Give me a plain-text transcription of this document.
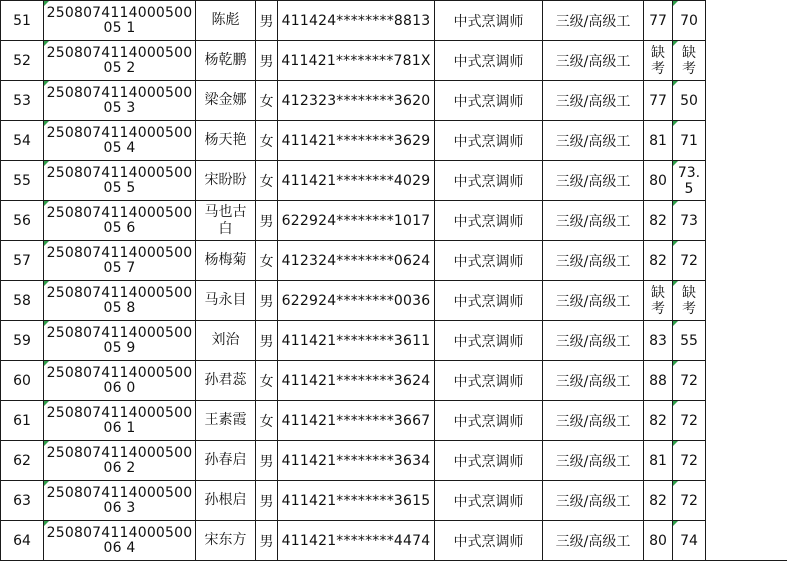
51	250807411400050005 1	陈彪	男	411424********8813	中式烹调师	三级/高级工	77	70	
52	250807411400050005 2	杨乾鹏	男	411421********781X	中式烹调师	三级/高级工	缺 考	缺 考	
53	250807411400050005 3	梁金娜	女	412323********3620	中式烹调师	三级/高级工	77	50	
54	250807411400050005 4	杨天艳	女	411421********3629	中式烹调师	三级/高级工	81	71	
55	250807411400050005 5	宋盼盼	女	411421********4029	中式烹调师	三级/高级工	80	73. 5	
56	250807411400050005 6	马也古 白	男	622924********1017	中式烹调师	三级/高级工	82	73	
57	250807411400050005 7	杨梅菊	女	412324********0624	中式烹调师	三级/高级工	82	72	
58	250807411400050005 8	马永目	男	622924********0036	中式烹调师	三级/高级工	缺 考	缺 考	
59	250807411400050005 9	刘治	男	411421********3611	中式烹调师	三级/高级工	83	55	
60	250807411400050006 0	孙君蕊	女	411421********3624	中式烹调师	三级/高级工	88	72	
61	250807411400050006 1	王素霞	女	411421********3667	中式烹调师	三级/高级工	82	72	
62	250807411400050006 2	孙春启	男	411421********3634	中式烹调师	三级/高级工	81	72	
63	250807411400050006 3	孙根启	男	411421********3615	中式烹调师	三级/高级工	82	72	
64	250807411400050006 4	宋东方	男	411421********4474	中式烹调师	三级/高级工	80	74	
